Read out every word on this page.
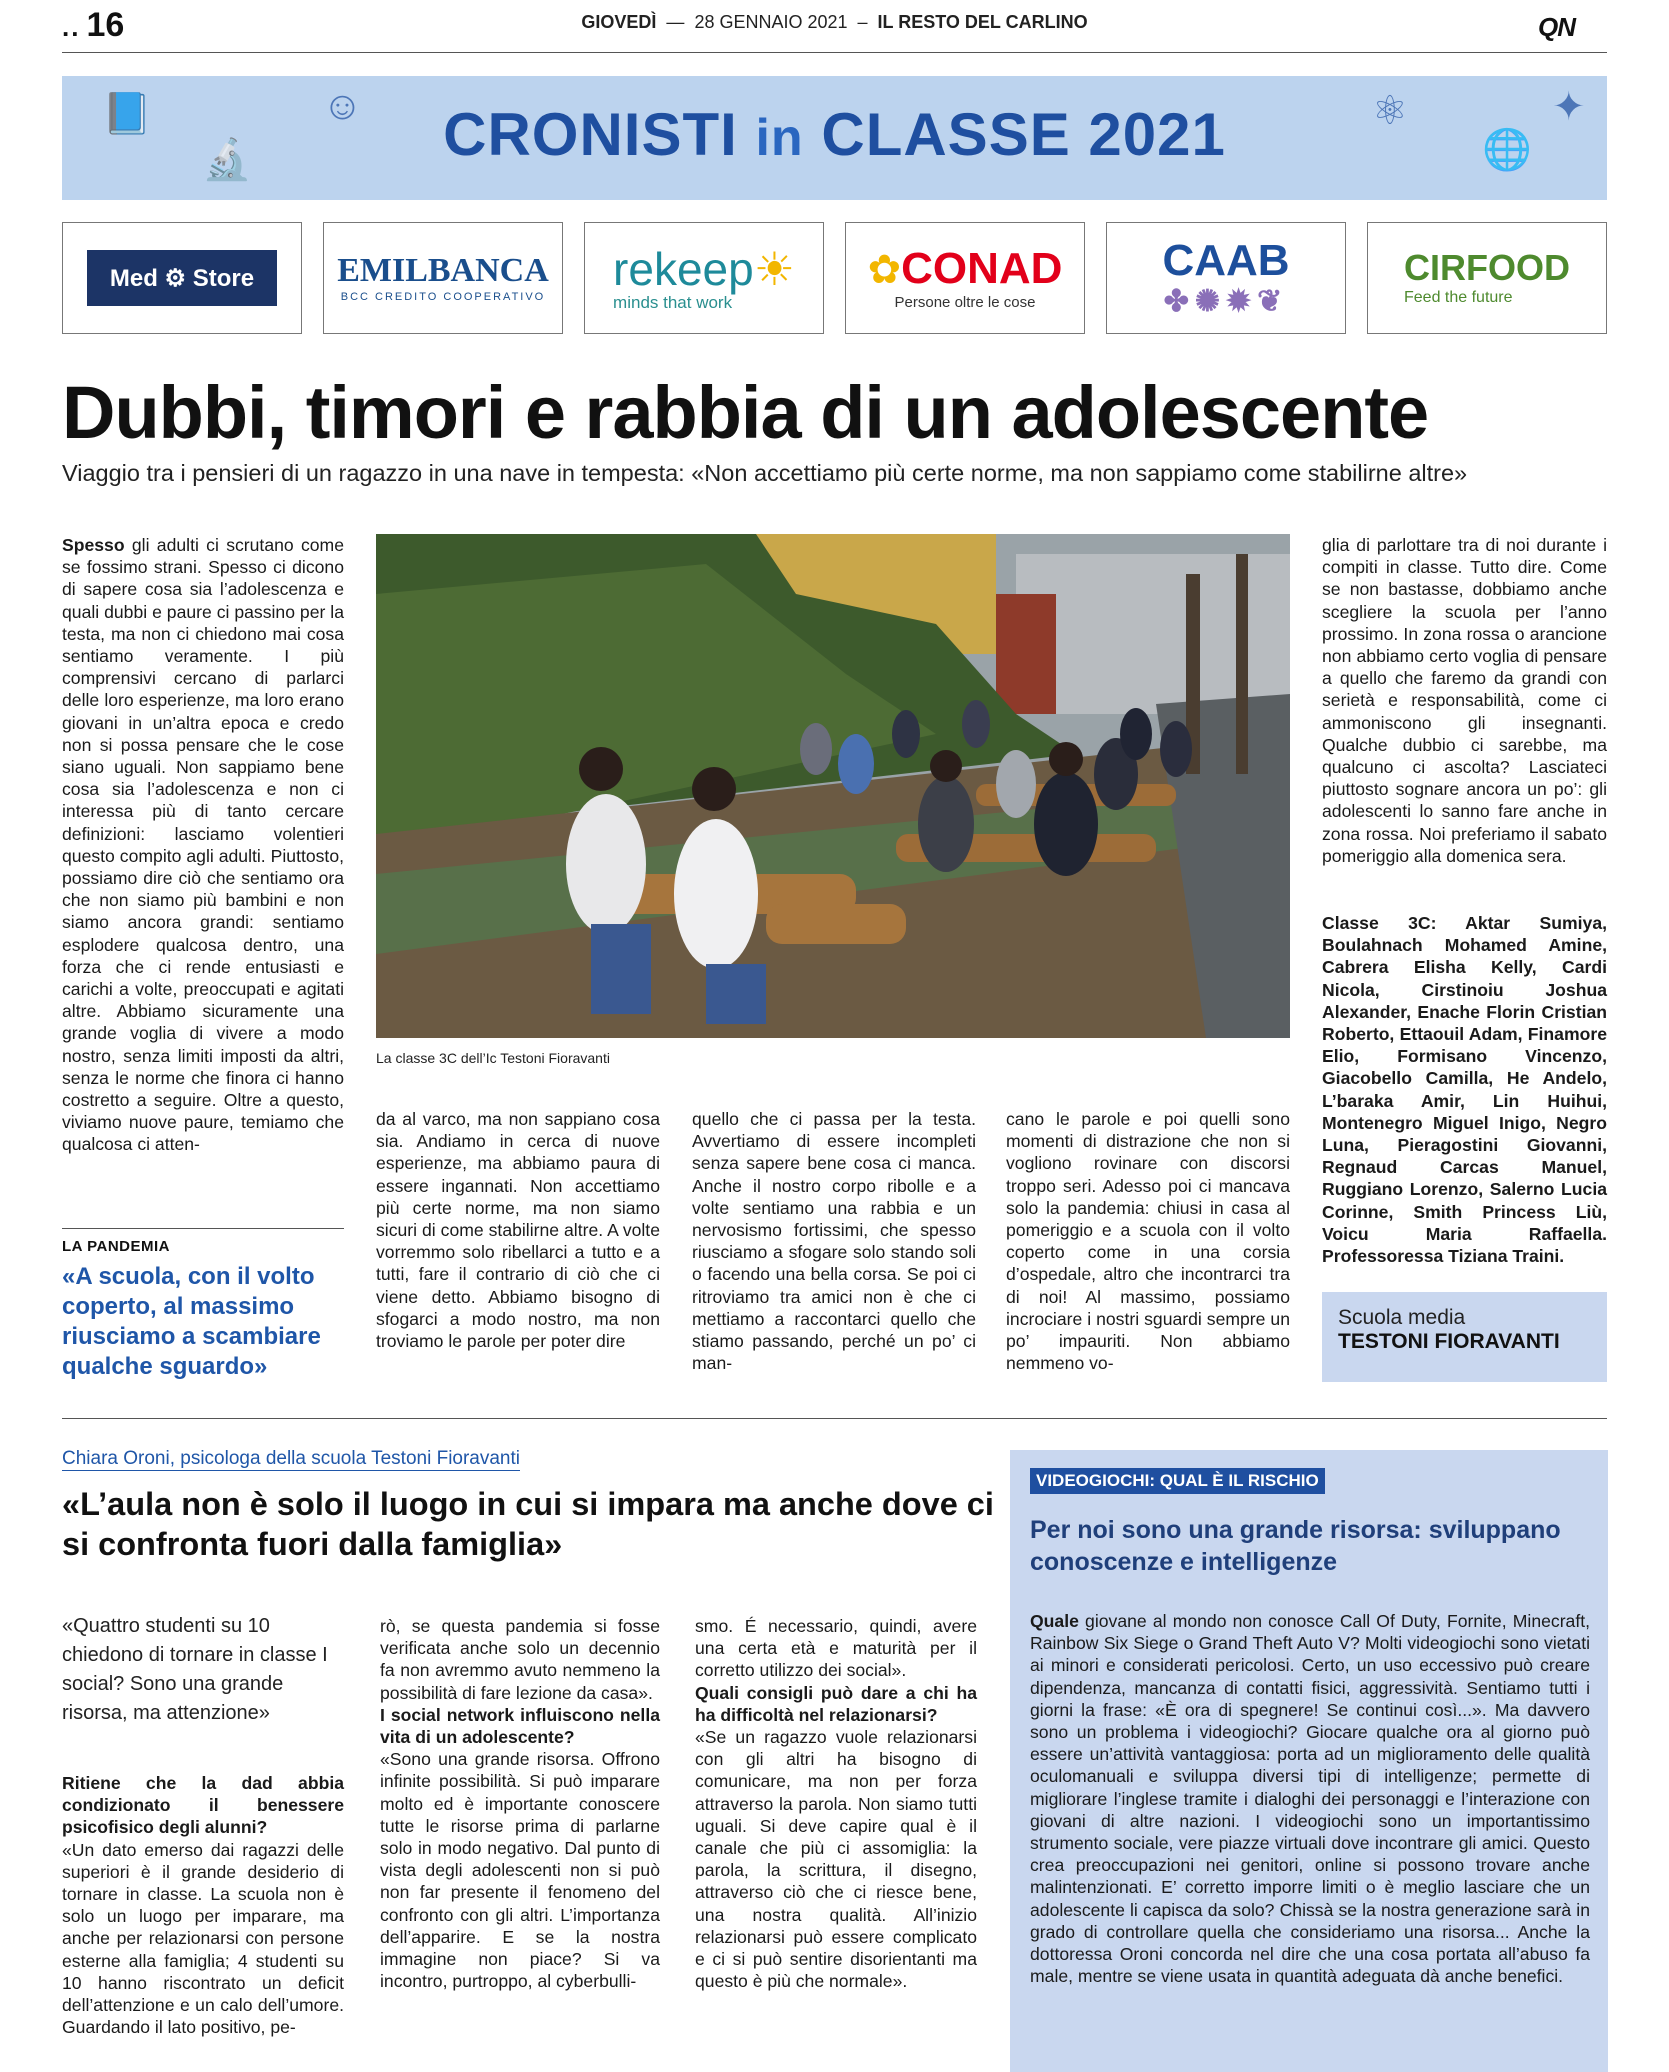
.. 16	GIOVEDÌ  —  28 GENNAIO 2021  –  IL RESTO DEL CARLINO	QN
📘
🔬
☺	⚛
🌐
✦
CRONISTI in CLASSE 2021
Med ⚙ Store	EMILBANCA
BCC CREDITO COOPERATIVO
rekeep☀
minds that work
✿CONAD
Persone oltre le cose
CAAB
✤✺✹❦
CIRFOOD
Feed the future
Dubbi, timori e rabbia di un adolescente
Viaggio tra i pensieri di un ragazzo in una nave in tempesta: «Non accettiamo più certe norme, ma non sappiamo come stabilirne altre»

Spesso gli adulti ci scrutano come se fossimo strani. Spesso ci dicono di sapere cosa sia l’adolescenza e quali dubbi e paure ci passino per la testa, ma non ci chiedono mai cosa sentiamo veramente. I più comprensivi cercano di parlarci delle loro esperienze, ma loro erano giovani in un’altra epoca e credo non si possa pensare che le cose siano uguali. Non sappiamo bene cosa sia l’adolescenza e non ci interessa più di tanto cercare definizioni: lasciamo volentieri questo compito agli adulti. Piuttosto, possiamo dire ciò che sentiamo ora che non siamo più bambini e non siamo ancora grandi: sentiamo esplodere qualcosa dentro, una forza che ci rende entusiasti e carichi a volte, preoccupati e agitati altre. Abbiamo sicuramente una grande voglia di vivere a modo nostro, senza limiti imposti da altri, senza le norme che finora ci hanno costretto a seguire. Oltre a questo, viviamo nuove paure, temiamo che qualcosa ci atten-

LA PANDEMIA
«A scuola, con il volto coperto, al massimo riusciamo a scambiare qualche sguardo»
La classe 3C dell’Ic Testoni Fioravanti

da al varco, ma non sappiano cosa sia. Andiamo in cerca di nuove esperienze, ma abbiamo paura di essere ingannati. Non accettiamo più certe norme, ma non siamo sicuri di come stabilirne altre. A volte vorremmo solo ribellarci a tutto e a tutti, fare il contrario di ciò che ci viene detto. Abbiamo bisogno di sfogarci a modo nostro, ma non troviamo le parole per poter dire

quello che ci passa per la testa. Avvertiamo di essere incompleti senza sapere bene cosa ci manca. Anche il nostro corpo ribolle e a volte sentiamo una rabbia e un nervosismo fortissimi, che spesso riusciamo a sfogare solo stando soli o facendo una bella corsa. Se poi ci ritroviamo tra amici non è che ci mettiamo a raccontarci quello che stiamo passando, perché un po’ ci man-

cano le parole e poi quelli sono momenti di distrazione che non si vogliono rovinare con discorsi troppo seri. Adesso poi ci mancava solo la pandemia: chiusi in casa al pomeriggio e a scuola con il volto coperto come in una corsia d’ospedale, altro che incontrarci tra di noi! Al massimo, possiamo incrociare i nostri sguardi sempre un po’ impauriti. Non abbiamo nemmeno vo-

glia di parlottare tra di noi durante i compiti in classe. Tutto dire. Come se non bastasse, dobbiamo anche scegliere la scuola per l’anno prossimo. In zona rossa o arancione non abbiamo certo voglia di pensare a quello che faremo da grandi con serietà e responsabilità, come ci ammoniscono gli insegnanti. Qualche dubbio ci sarebbe, ma qualcuno ci ascolta? Lasciateci piuttosto sognare ancora un po’: gli adolescenti lo sanno fare anche in zona rossa. Noi preferiamo il sabato pomeriggio alla domenica sera.

Classe 3C: Aktar Sumiya, Boulahnach Mohamed Amine, Cabrera Elisha Kelly, Cardi Nicola, Cirstinoiu Joshua Alexander, Enache Florin Cristian Roberto, Ettaouil Adam, Finamore Elio, Formisano Vincenzo, Giacobello Camilla, He Andelo, L’baraka Amir, Lin Huihui, Montenegro Miguel Inigo, Negro Luna, Pieragostini Giovanni, Regnaud Carcas Manuel, Ruggiano Lorenzo, Salerno Lucia Corinne, Smith Princess Liù, Voicu Maria Raffaella. Professoressa Tiziana Traini.

Scuola media
TESTONI FIORAVANTI
Chiara Oroni, psicologa della scuola Testoni Fioravanti
«L’aula non è solo il luogo in cui si impara ma anche dove ci si confronta fuori dalla famiglia»
«Quattro studenti su 10 chiedono di tornare in classe I social? Sono una grande risorsa, ma attenzione»

Ritiene che la dad abbia condizionato il benessere psicofisico degli alunni?

«Un dato emerso dai ragazzi delle superiori è il grande desiderio di tornare in classe. La scuola non è solo un luogo per imparare, ma anche per relazionarsi con persone esterne alla famiglia; 4 studenti su 10 hanno riscontrato un deficit dell’attenzione e un calo dell’umore. Guardando il lato positivo, pe-

rò, se questa pandemia si fosse verificata anche solo un decennio fa non avremmo avuto nemmeno la possibilità di fare lezione da casa».

I social network influiscono nella vita di un adolescente?

«Sono una grande risorsa. Offrono infinite possibilità. Si può imparare molto ed è importante conoscere tutte le risorse prima di parlarne solo in modo negativo. Dal punto di vista degli adolescenti non si può non far presente il fenomeno del confronto con gli altri. L’importanza dell’apparire. E se la nostra immagine non piace? Si va incontro, purtroppo, al cyberbulli-

smo. É necessario, quindi, avere una certa età e maturità per il corretto utilizzo dei social».

Quali consigli può dare a chi ha ha difficoltà nel relazionarsi?

«Se un ragazzo vuole relazionarsi con gli altri ha bisogno di comunicare, ma non per forza attraverso la parola. Non siamo tutti uguali. Si deve capire qual è il canale che più ci assomiglia: la parola, la scrittura, il disegno, attraverso ciò che ci riesce bene, una nostra qualità. All’inizio relazionarsi può essere complicato e ci si può sentire disorientanti ma questo è più che normale».

VIDEOGIOCHI: QUAL È IL RISCHIO
Per noi sono una grande risorsa: sviluppano conoscenze e intelligenze

Quale giovane al mondo non conosce Call Of Duty, Fornite, Minecraft, Rainbow Six Siege o Grand Theft Auto V? Molti videogiochi sono vietati ai minori e considerati pericolosi. Certo, un uso eccessivo può creare dipendenza, mancanza di contatti fisici, aggressività. Sentiamo tutti i giorni la frase: «È ora di spegnere! Se continui così...». Ma davvero sono un problema i videogiochi? Giocare qualche ora al giorno può essere un’attività vantaggiosa: porta ad un miglioramento delle qualità oculomanuali e sviluppa diversi tipi di intelligenze; permette di migliorare l’inglese tramite i dialoghi dei personaggi e l’interazione con giovani di altre nazioni. I videogiochi sono un importantissimo strumento sociale, vere piazze virtuali dove incontrare gli amici. Questo crea preoccupazioni nei genitori, online si possono trovare anche malintenzionati. E’ corretto imporre limiti o è meglio lasciare che un adolescente li capisca da solo? Chissà se la nostra generazione sarà in grado di controllare quella che consideriamo una risorsa... Anche la dottoressa Oroni concorda nel dire che una cosa portata all’abuso fa male, mentre se viene usata in quantità adeguata dà anche benefici.
